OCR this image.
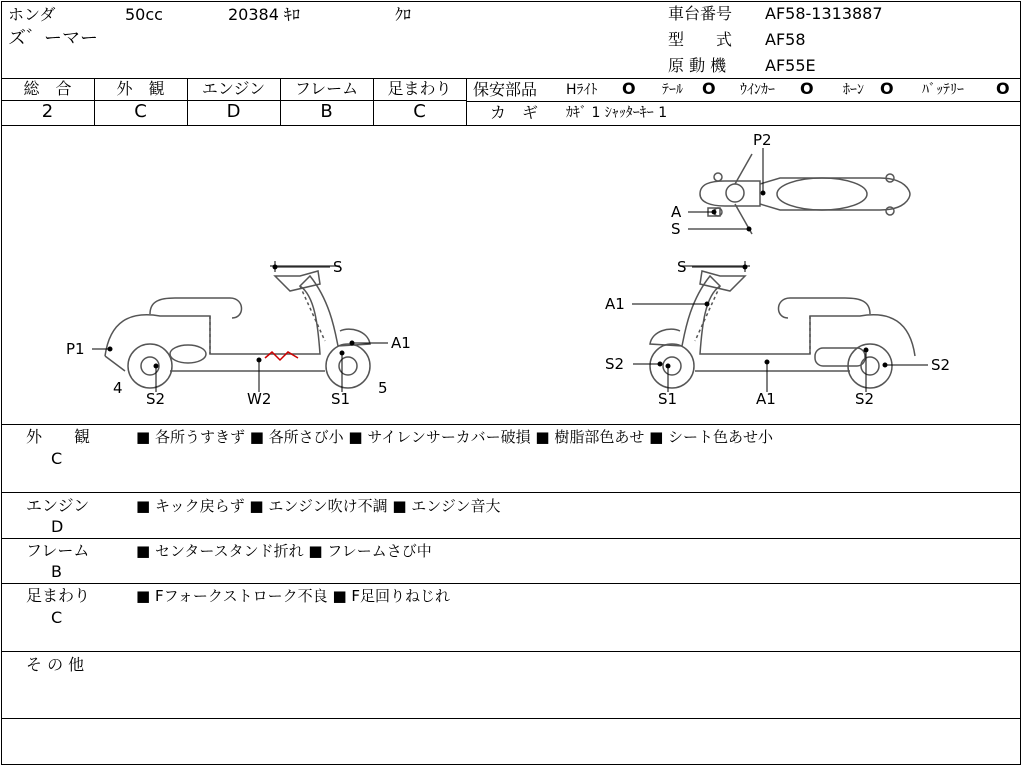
ホンダ	50cc	20384 ｷﾛ	ｸﾛ
ズ゛ーマー
車台番号 AF58-1313887
型　　式 AF58
原 動 機 AF55E
総　合	外　観	エンジン	フレーム	足まわり
2	C	D	B	C
保安部品 Hﾗｲﾄ O ﾃｰﾙ O ｳｲﾝｶｰ O ﾎｰﾝ O ﾊﾞｯﾃﾘｰ O
カ　ギ ｶｷﾞ 1 ｼｬｯﾀｰｷｰ 1
S
A1
P1
4
S2	W2	S1
5
S
A1
S2
S1	A1	S2
S2
P2
A
S
外　　観
C
■ 各所うすきず ■ 各所さび小 ■ サイレンサーカバー破損 ■ 樹脂部色あせ ■ シート色あせ小
エンジン
D
■ キック戻らず ■ エンジン吹け不調 ■ エンジン音大
フレーム
B
■ センタースタンド折れ ■ フレームさび中
足まわり
C
■ Fフォークストローク不良 ■ F足回りねじれ
そ の 他
